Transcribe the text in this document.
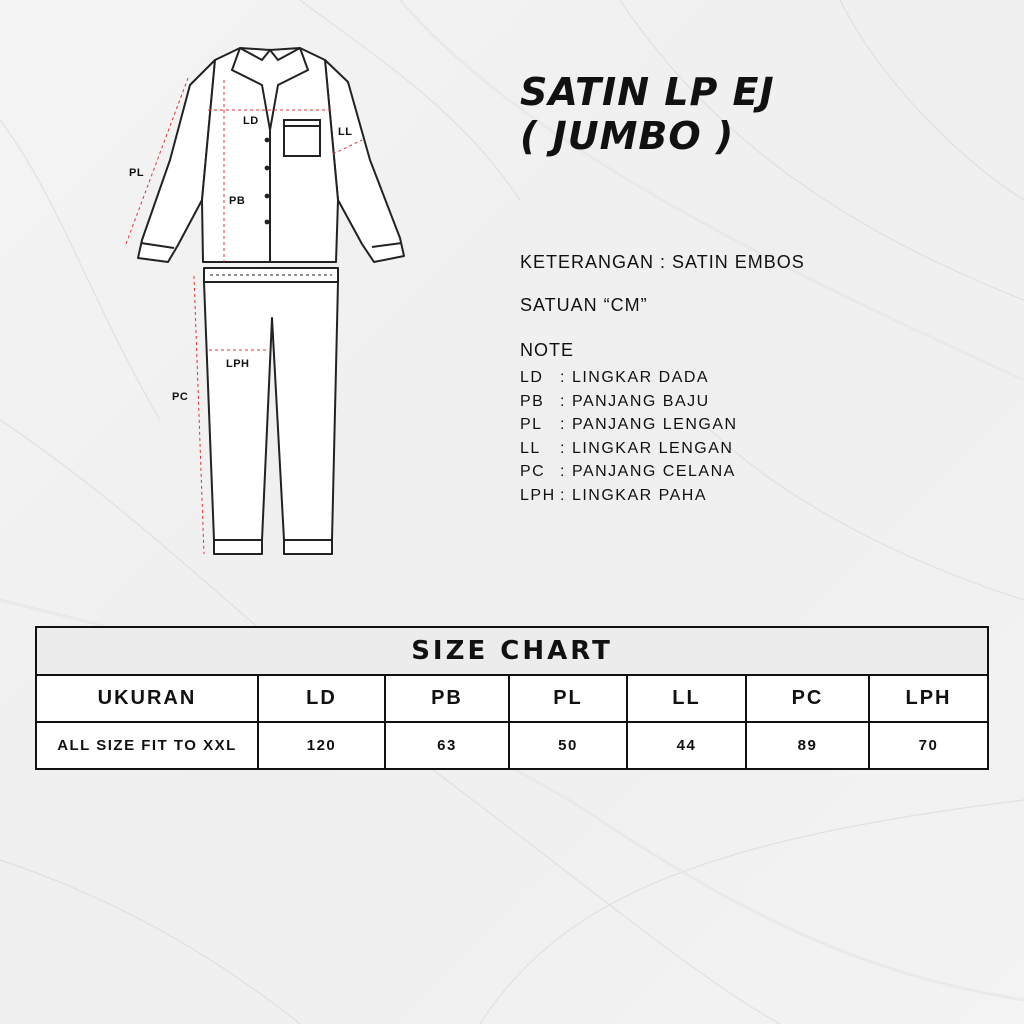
LD
PB
PL
LL
PC
LPH
SATIN LP EJ
( JUMBO )
KETERANGAN : SATIN EMBOS
SATUAN “CM”
NOTE
LD : LINGKAR DADA
PB : PANJANG BAJU
PL : PANJANG LENGAN
LL : LINGKAR LENGAN
PC : PANJANG CELANA
LPH : LINGKAR PAHA
SIZE CHART						
UKURAN	LD	PB	PL	LL	PC	LPH
ALL SIZE FIT TO XXL	120	63	50	44	89	70
